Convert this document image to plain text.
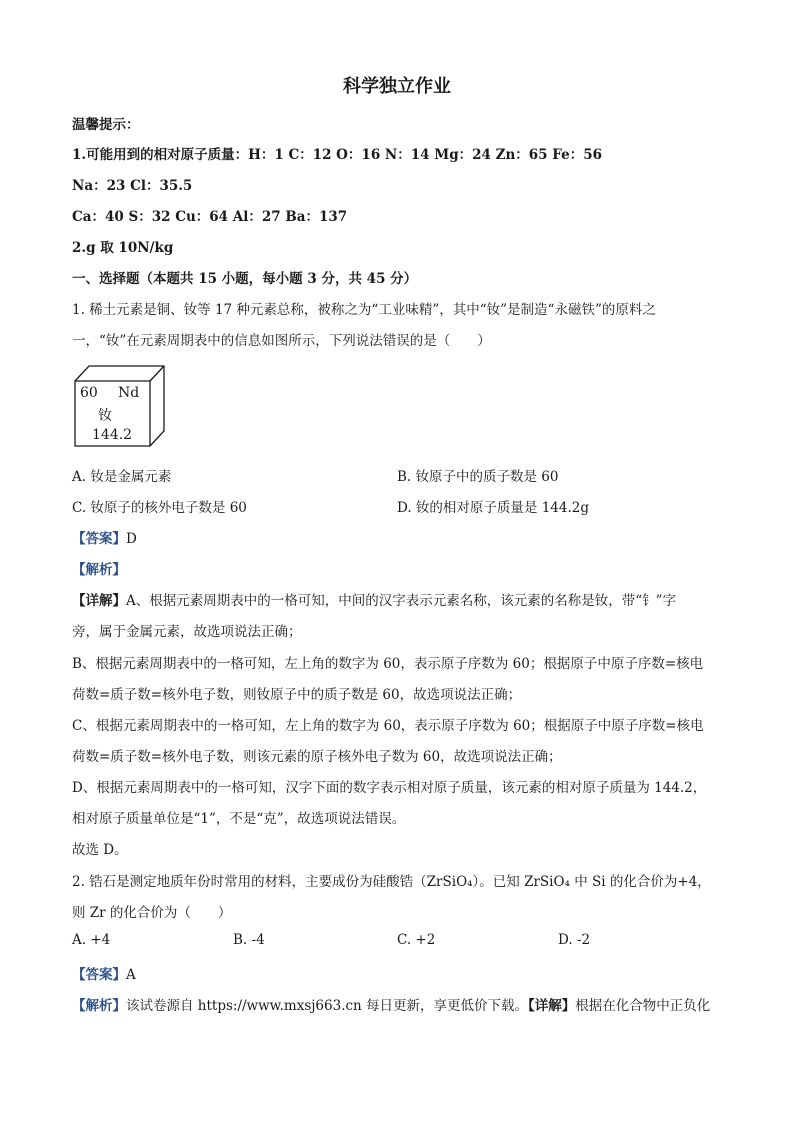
科学独立作业
温馨提示：
1.可能用到的相对原子质量：H：1 C：12 O：16 N：14 Mg：24 Zn：65 Fe：56
Na：23 Cl：35.5
Ca：40 S：32 Cu：64 Al：27 Ba：137
2.g 取 10N/kg
一、选择题（本题共 15 小题，每小题 3 分，共 45 分）
1. 稀土元素是铜、钕等 17 种元素总称，被称之为“工业味精”，其中“钕”是制造“永磁铁”的原料之
一，“钕”在元素周期表中的信息如图所示，下列说法错误的是（　　）
60 Nd
钕
144.2
A. 钕是金属元素	B. 钕原子中的质子数是 60
C. 钕原子的核外电子数是 60	D. 钕的相对原子质量是 144.2g
【答案】D
【解析】
【详解】A、根据元素周期表中的一格可知，中间的汉字表示元素名称，该元素的名称是钕，带“钅”字
旁，属于金属元素，故选项说法正确；
B、根据元素周期表中的一格可知，左上角的数字为 60，表示原子序数为 60；根据原子中原子序数=核电
荷数=质子数=核外电子数，则钕原子中的质子数是 60，故选项说法正确；
C、根据元素周期表中的一格可知，左上角的数字为 60，表示原子序数为 60；根据原子中原子序数=核电
荷数=质子数=核外电子数，则该元素的原子核外电子数为 60，故选项说法正确；
D、根据元素周期表中的一格可知，汉字下面的数字表示相对原子质量，该元素的相对原子质量为 144.2，
相对原子质量单位是“1”，不是“克”，故选项说法错误。
故选 D。
2. 锆石是测定地质年份时常用的材料，主要成份为硅酸锆（ZrSiO₄）。已知 ZrSiO₄ 中 Si 的化合价为+4，
则 Zr 的化合价为（　　）
A. +4	B. -4	C. +2	D. -2
【答案】A
【解析】该试卷源自 https://www.mxsj663.cn 每日更新，享更低价下载。【详解】根据在化合物中正负化
